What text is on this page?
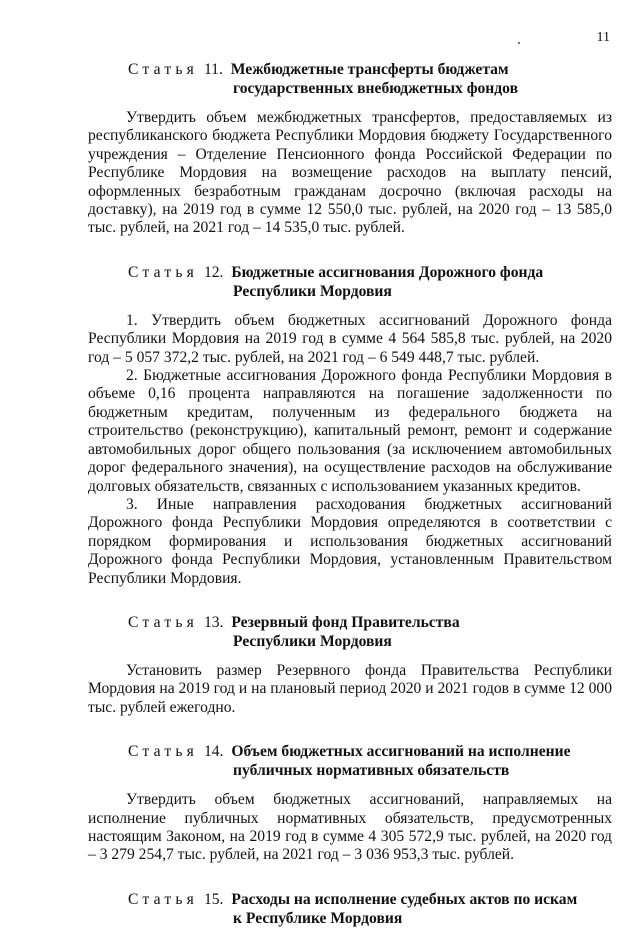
11
Статья 11. Межбюджетные трансферты бюджетам
государственных внебюджетных фондов

Утвердить объем межбюджетных трансфертов, предоставляемых из республиканского бюджета Республики Мордовия бюджету Государственного учреждения – Отделение Пенсионного фонда Российской Федерации по Республике Мордовия на возмещение расходов на выплату пенсий, оформленных безработным гражданам досрочно (включая расходы на доставку), на 2019 год в сумме 12 550,0 тыс. рублей, на 2020 год – 13 585,0 тыс. рублей, на 2021 год – 14 535,0 тыс. рублей.

Статья 12. Бюджетные ассигнования Дорожного фонда
Республики Мордовия

1. Утвердить объем бюджетных ассигнований Дорожного фонда Республики Мордовия на 2019 год в сумме 4 564 585,8 тыс. рублей, на 2020 год – 5 057 372,2 тыс. рублей, на 2021 год – 6 549 448,7 тыс. рублей.

2. Бюджетные ассигнования Дорожного фонда Республики Мордовия в объеме 0,16 процента направляются на погашение задолженности по бюджетным кредитам, полученным из федерального бюджета на строительство (реконструкцию), капитальный ремонт, ремонт и содержание автомобильных дорог общего пользования (за исключением автомобильных дорог федерального значения), на осуществление расходов на обслуживание долговых обязательств, связанных с использованием указанных кредитов.

3. Иные направления расходования бюджетных ассигнований Дорожного фонда Республики Мордовия определяются в соответствии с порядком формирования и использования бюджетных ассигнований Дорожного фонда Республики Мордовия, установленным Правительством Республики Мордовия.

Статья 13. Резервный фонд Правительства
Республики Мордовия

Установить размер Резервного фонда Правительства Республики Мордовия на 2019 год и на плановый период 2020 и 2021 годов в сумме 12 000 тыс. рублей ежегодно.

Статья 14. Объем бюджетных ассигнований на исполнение
публичных нормативных обязательств

Утвердить объем бюджетных ассигнований, направляемых на исполнение публичных нормативных обязательств, предусмотренных настоящим Законом, на 2019 год в сумме 4 305 572,9 тыс. рублей, на 2020 год – 3 279 254,7 тыс. рублей, на 2021 год – 3 036 953,3 тыс. рублей.

Статья 15. Расходы на исполнение судебных актов по искам
к Республике Мордовия
